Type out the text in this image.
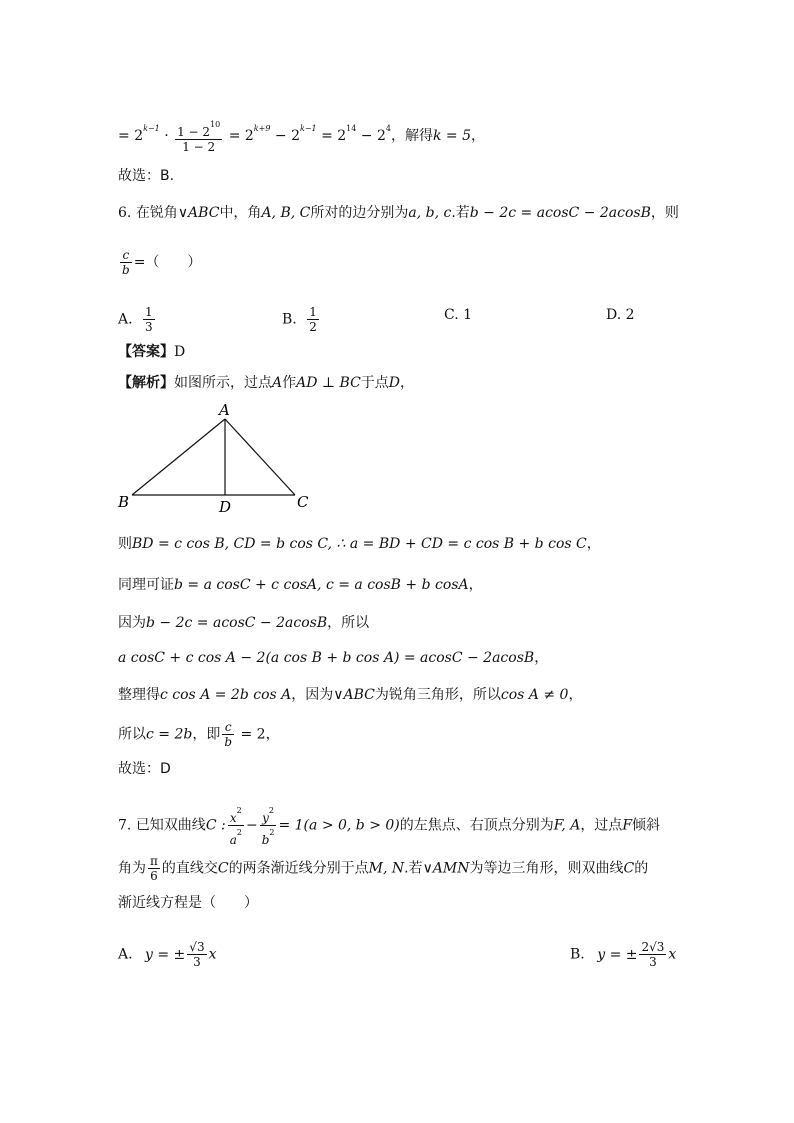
= $2^{k-1} \cdot \frac{1 - 2^{10}}{1 - 2} = 2^{k+9} - 2^{k-1} = 2^{14} - 2^4$，解得k = 5，
故选：B.
6. 在锐角∨ABC中，角A, B, C所对的边分别为a, b, c.若b − 2c = acosC − 2acosB，则
$\frac{c}{b}$ =（　　）
A. $\frac{1}{3}$	B. $\frac{1}{2}$	C. 1	D. 2
【答案】D
【解析】如图所示，过点A作AD ⊥ BC于点D，
A
B	C
D
则BD = c cos B, CD = b cos C, ∴ a = BD + CD = c cos B + b cos C，
同理可证b = a cosC + c cosA, c = a cosB + b cosA，
因为b − 2c = acosC − 2acosB，所以
a cosC + c cos A − 2(a cos B + b cos A) = acosC − 2acosB，
整理得c cos A = 2b cos A，因为∨ABC为锐角三角形，所以cos A ≠ 0，
所以c = 2b，即 $\frac{c}{b} = 2$，
故选：D
7. 已知双曲线C : $\frac{x^2}{a^2} - \frac{y^2}{b^2} = 1(a > 0$, b > 0)的左焦点、右顶点分别为F, A，过点F倾斜
角为 $\frac{\pi}{6}$ 的直线交C的两条渐近线分别于点M, N.若∨AMN为等边三角形，则双曲线C的
渐近线方程是（　　）
A. y = ± $\frac{√3}{3}$ x	B. y = ± $\frac{2√3}{3}$ x
